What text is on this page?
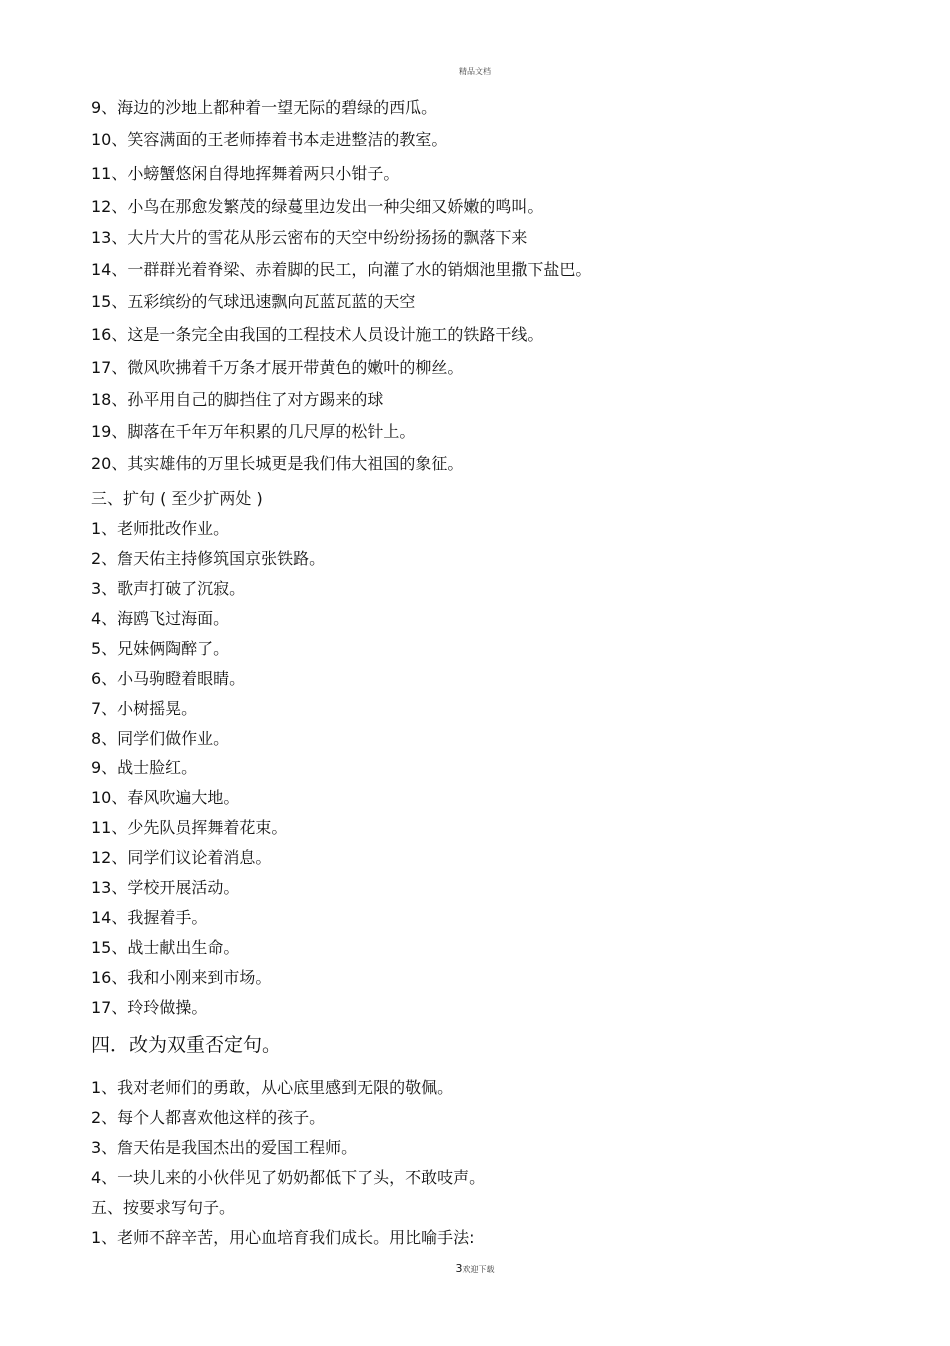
精品文档
9、海边的沙地上都种着一望无际的碧绿的西瓜。
10、笑容满面的王老师捧着书本走进整洁的教室。
11、小螃蟹悠闲自得地挥舞着两只小钳子。
12、小鸟在那愈发繁茂的绿蔓里边发出一种尖细又娇嫩的鸣叫。
13、大片大片的雪花从彤云密布的天空中纷纷扬扬的飘落下来
14、一群群光着脊梁、赤着脚的民工，向灌了水的销烟池里撒下盐巴。
15、五彩缤纷的气球迅速飘向瓦蓝瓦蓝的天空
16、这是一条完全由我国的工程技术人员设计施工的铁路干线。
17、微风吹拂着千万条才展开带黄色的嫩叶的柳丝。
18、孙平用自己的脚挡住了对方踢来的球
19、脚落在千年万年积累的几尺厚的松针上。
20、其实雄伟的万里长城更是我们伟大祖国的象征。
三、扩句 ( 至少扩两处 )
1、老师批改作业。
2、詹天佑主持修筑国京张铁路。
3、歌声打破了沉寂。
4、海鸥飞过海面。
5、兄妹俩陶醉了。
6、小马驹瞪着眼睛。
7、小树摇晃。
8、同学们做作业。
9、战士脸红。
10、春风吹遍大地。
11、少先队员挥舞着花束。
12、同学们议论着消息。
13、学校开展活动。
14、我握着手。
15、战士献出生命。
16、我和小刚来到市场。
17、玲玲做操。
四．改为双重否定句。
1、我对老师们的勇敢，从心底里感到无限的敬佩。
2、每个人都喜欢他这样的孩子。
3、詹天佑是我国杰出的爱国工程师。
4、一块儿来的小伙伴见了奶奶都低下了头，不敢吱声。
五、按要求写句子。
1、老师不辞辛苦，用心血培育我们成长。用比喻手法:
3欢迎下载
